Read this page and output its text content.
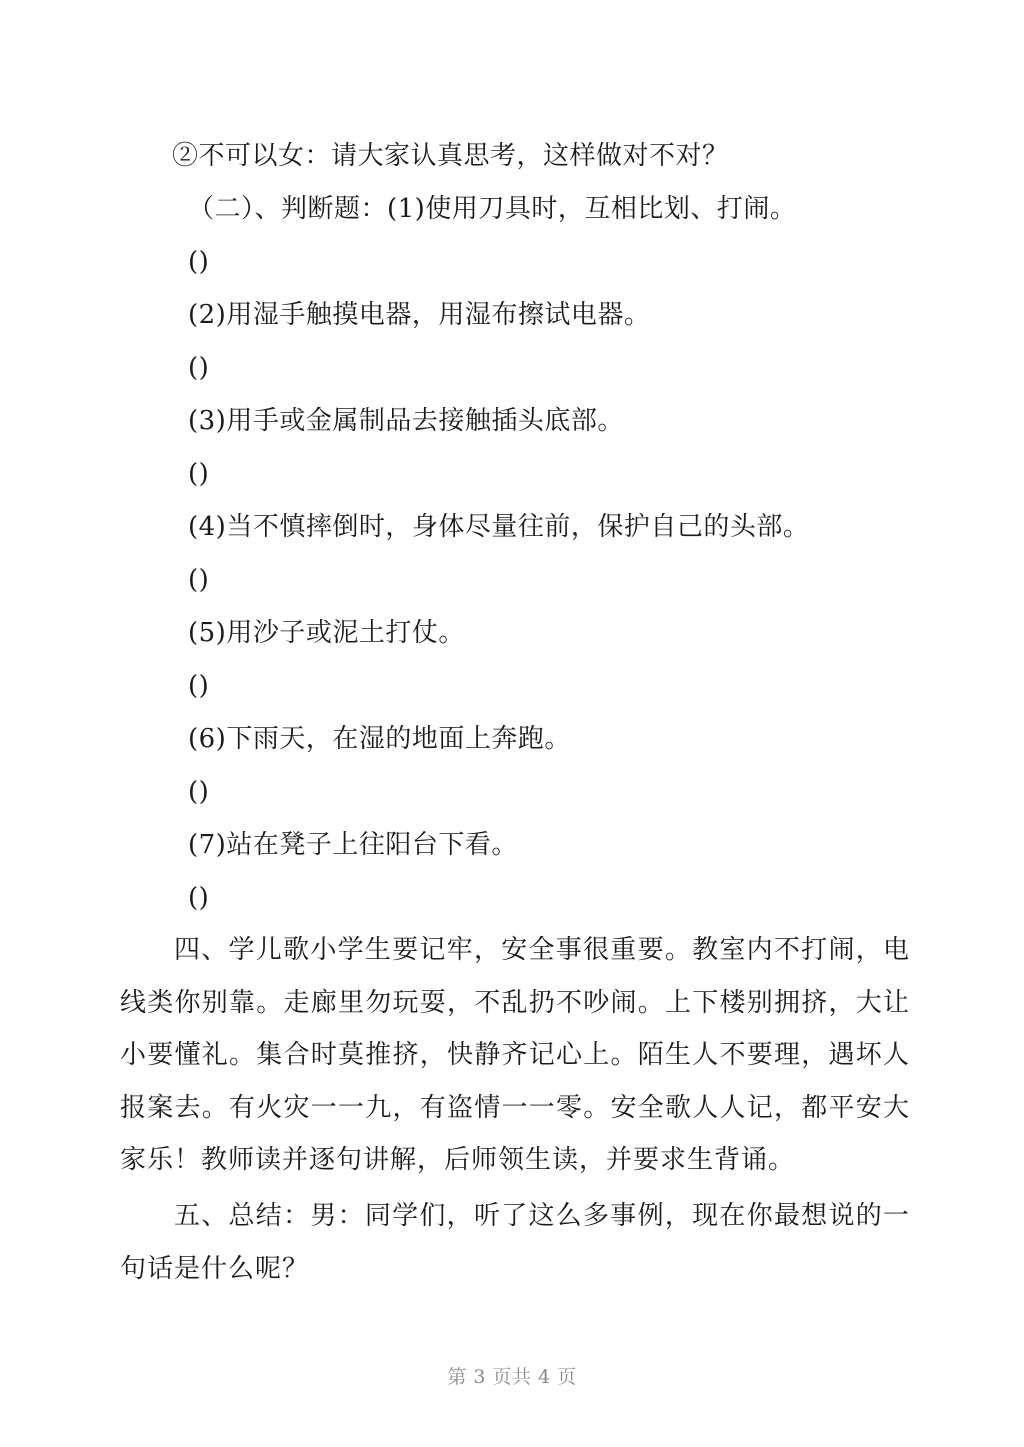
②不可以女：请大家认真思考，这样做对不对？
（二）、判断题：(1)使用刀具时，互相比划、打闹。
()
(2)用湿手触摸电器，用湿布擦试电器。
()
(3)用手或金属制品去接触插头底部。
()
(4)当不慎摔倒时，身体尽量往前，保护自己的头部。
()
(5)用沙子或泥土打仗。
()
(6)下雨天，在湿的地面上奔跑。
()
(7)站在凳子上往阳台下看。
()
四、学儿歌小学生要记牢，安全事很重要。教室内不打闹，电线类你别靠。走廊里勿玩耍，不乱扔不吵闹。上下楼别拥挤，大让小要懂礼。集合时莫推挤，快静齐记心上。陌生人不要理，遇坏人报案去。有火灾一一九，有盗情一一零。安全歌人人记，都平安大家乐！教师读并逐句讲解，后师领生读，并要求生背诵。
五、总结：男：同学们，听了这么多事例，现在你最想说的一句话是什么呢？
第 3 页共 4 页
